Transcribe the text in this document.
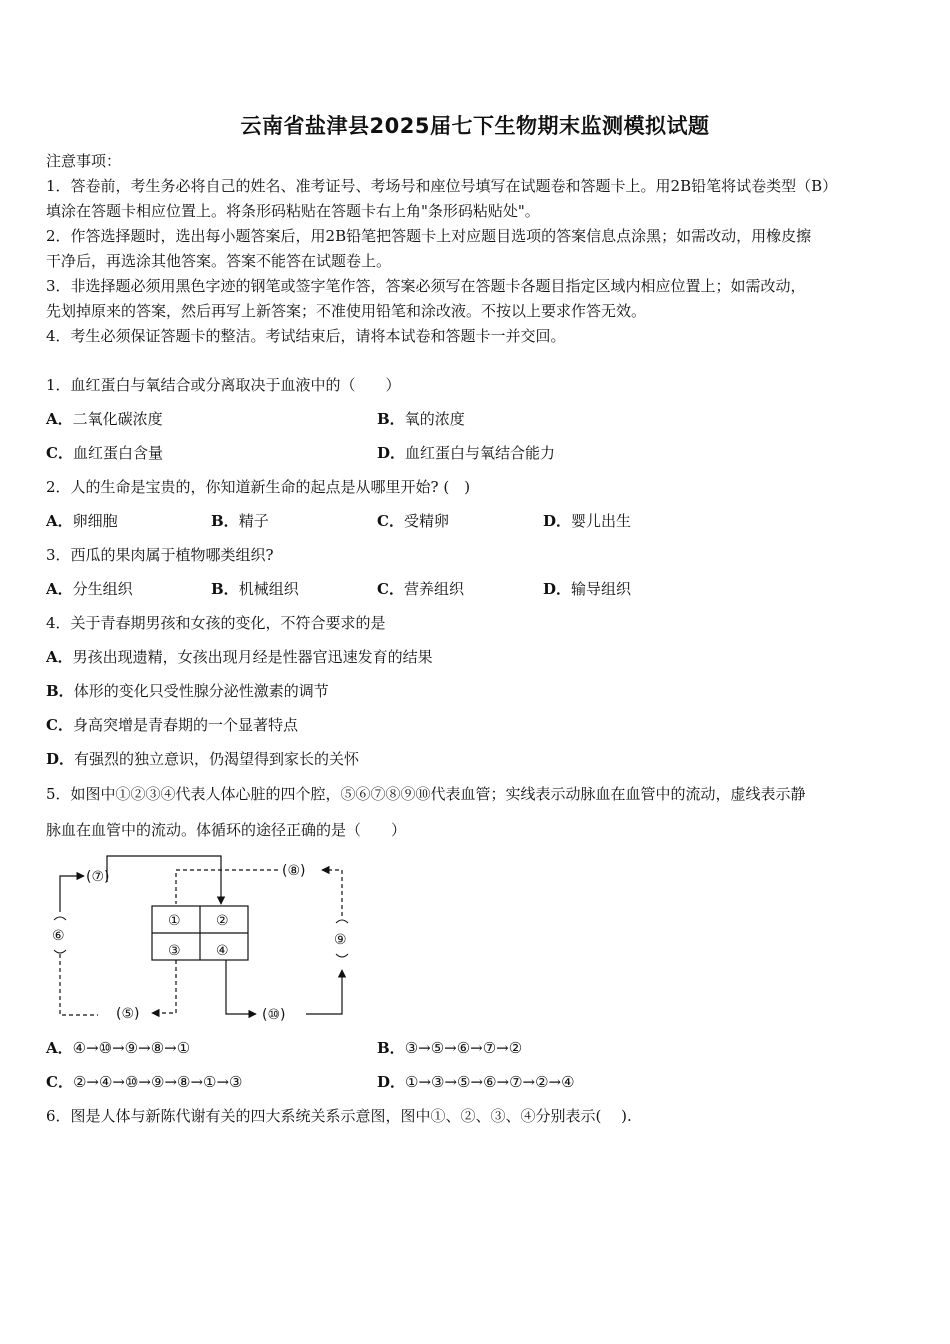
云南省盐津县2025届七下生物期末监测模拟试题
注意事项：
1．答卷前，考生务必将自己的姓名、准考证号、考场号和座位号填写在试题卷和答题卡上。用2B铅笔将试卷类型（B）
填涂在答题卡相应位置上。将条形码粘贴在答题卡右上角"条形码粘贴处"。
2．作答选择题时，选出每小题答案后，用2B铅笔把答题卡上对应题目选项的答案信息点涂黑；如需改动，用橡皮擦
干净后，再选涂其他答案。答案不能答在试题卷上。
3．非选择题必须用黑色字迹的钢笔或签字笔作答，答案必须写在答题卡各题目指定区域内相应位置上；如需改动，
先划掉原来的答案，然后再写上新答案；不准使用铅笔和涂改液。不按以上要求作答无效。
4．考生必须保证答题卡的整洁。考试结束后，请将本试卷和答题卡一并交回。
1．血红蛋白与氧结合或分离取决于血液中的（　　）
A．二氧化碳浓度	B．氧的浓度
C．血红蛋白含量	D．血红蛋白与氧结合能力
2．人的生命是宝贵的，你知道新生命的起点是从哪里开始? (　)
A．卵细胞	B．精子	C．受精卵	D．婴儿出生
3．西瓜的果肉属于植物哪类组织?
A．分生组织	B．机械组织	C．营养组织	D．输导组织
4．关于青春期男孩和女孩的变化，不符合要求的是
A．男孩出现遗精，女孩出现月经是性器官迅速发育的结果
B．体形的变化只受性腺分泌性激素的调节
C．身高突增是青春期的一个显著特点
D．有强烈的独立意识，仍渴望得到家长的关怀
5．如图中①②③④代表人体心脏的四个腔，⑤⑥⑦⑧⑨⑩代表血管；实线表示动脉血在血管中的流动，虚线表示静
脉血在血管中的流动。体循环的途径正确的是（　　）
①	②
③	④
(⑦)	(⑧)
⑥	⑨
(⑤)	(⑩)
A．④→⑩→⑨→⑧→①	B．③→⑤→⑥→⑦→②
C．②→④→⑩→⑨→⑧→①→③	D．①→③→⑤→⑥→⑦→②→④
6．图是人体与新陈代谢有关的四大系统关系示意图，图中①、②、③、④分别表示(　 ).
